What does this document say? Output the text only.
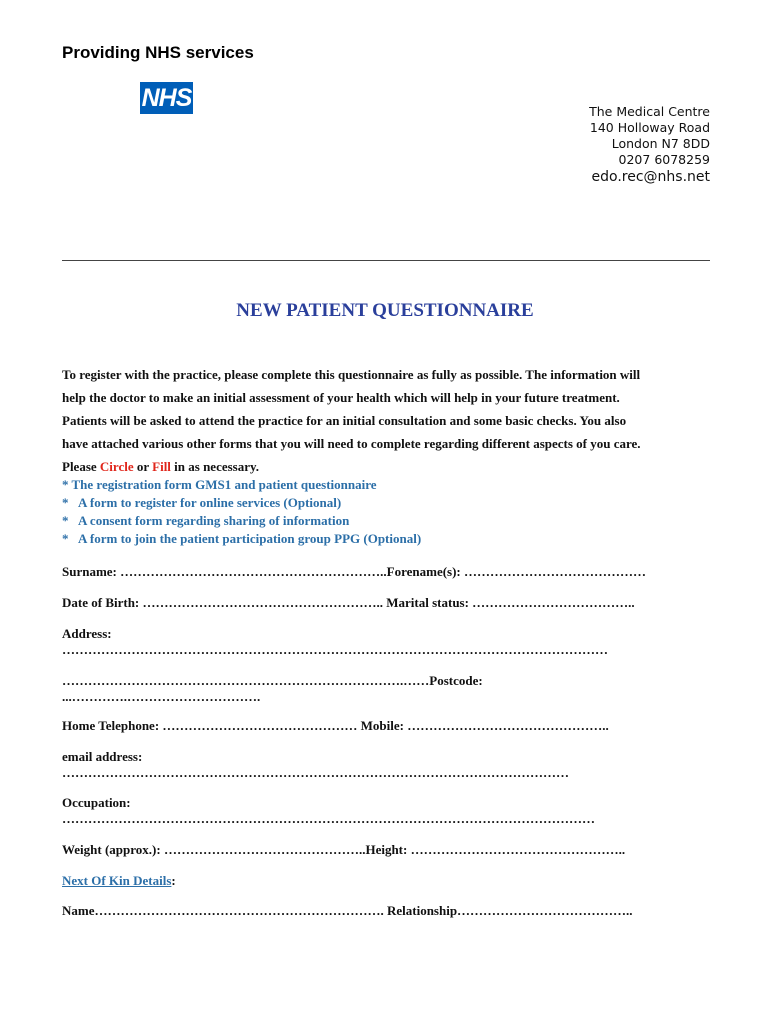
Providing NHS services
NHS	The Medical Centre
140 Holloway Road
London N7 8DD
0207 6078259
edo.rec@nhs.net
NEW PATIENT QUESTIONNAIRE
To register with the practice, please complete this questionnaire as fully as possible. The information will
help the doctor to make an initial assessment of your health which will help in your future treatment.
Patients will be asked to attend the practice for an initial consultation and some basic checks. You also
have attached various other forms that you will need to complete regarding different aspects of you care.
Please Circle or Fill in as necessary.
* The registration form GMS1 and patient questionnaire
* A form to register for online services (Optional)
* A consent form regarding sharing of information
* A form to join the patient participation group PPG (Optional)
Surname: ……………………………………………………..Forename(s): ……………………………………
Date of Birth: ……………………………………………….. Marital status: ………………………………..
Address:
………………………………………………………………………………………………………………
…………………………………………………………………….……Postcode:
...………….………………………….
Home Telephone: ……………………………………… Mobile: ………………………………………..
email address:
………………………………………………………………………………………………………
Occupation:
……………………………………………………………………………………………………………
Weight (approx.): ………………………………………..Height: …………………………………………..
Next Of Kin Details:
Name…………………………………………………………. Relationship…………………………………..
